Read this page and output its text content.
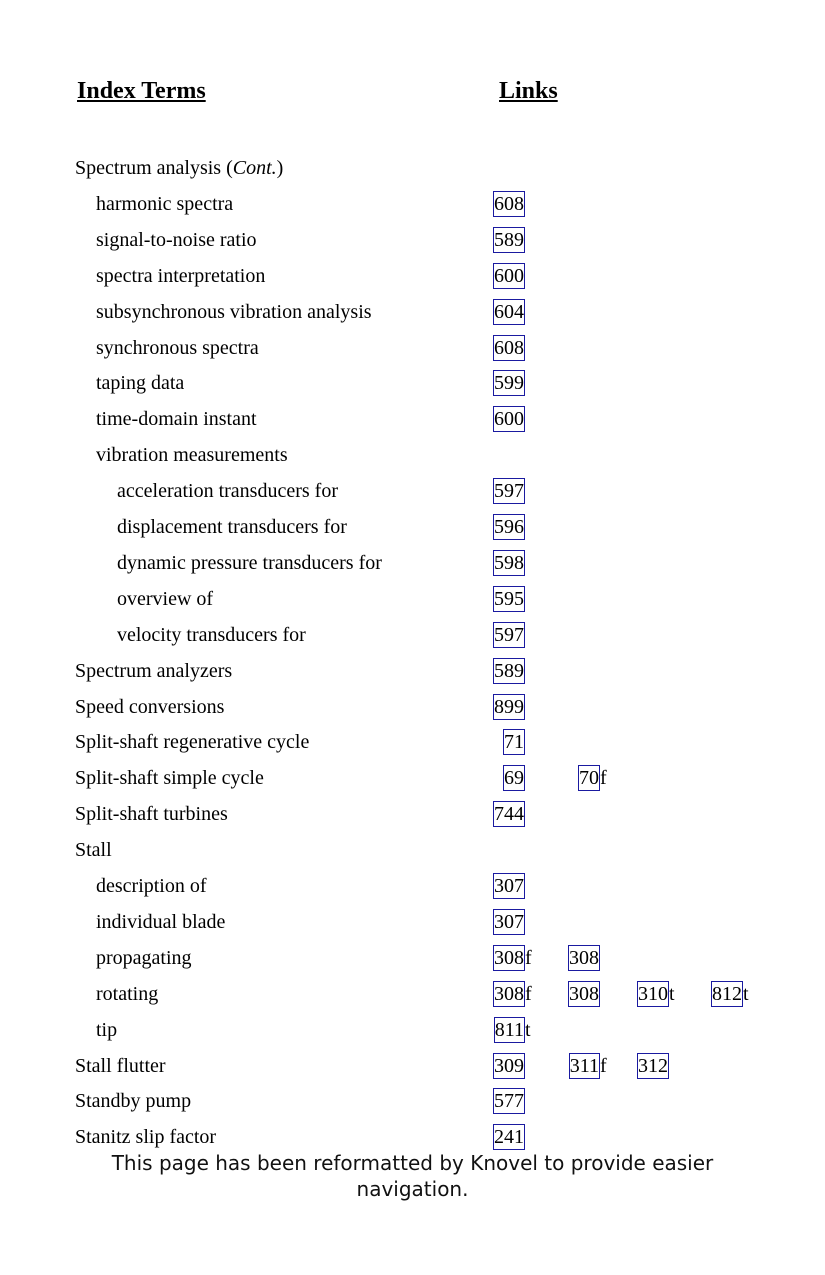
Index Terms	Links
Spectrum analysis (Cont.)
harmonic spectra	608
signal-to-noise ratio	589
spectra interpretation	600
subsynchronous vibration analysis	604
synchronous spectra	608
taping data	599
time-domain instant	600
vibration measurements
acceleration transducers for	597
displacement transducers for	596
dynamic pressure transducers for	598
overview of	595
velocity transducers for	597
Spectrum analyzers	589
Speed conversions	899
Split-shaft regenerative cycle	71
Split-shaft simple cycle	69	70f
Split-shaft turbines	744
Stall
description of	307
individual blade	307
propagating	308f 308
rotating	308f 308 310t 812t
tip	811t
Stall flutter	309 311f 312
Standby pump	577
Stanitz slip factor	241
This page has been reformatted by Knovel to provide easier
navigation.
